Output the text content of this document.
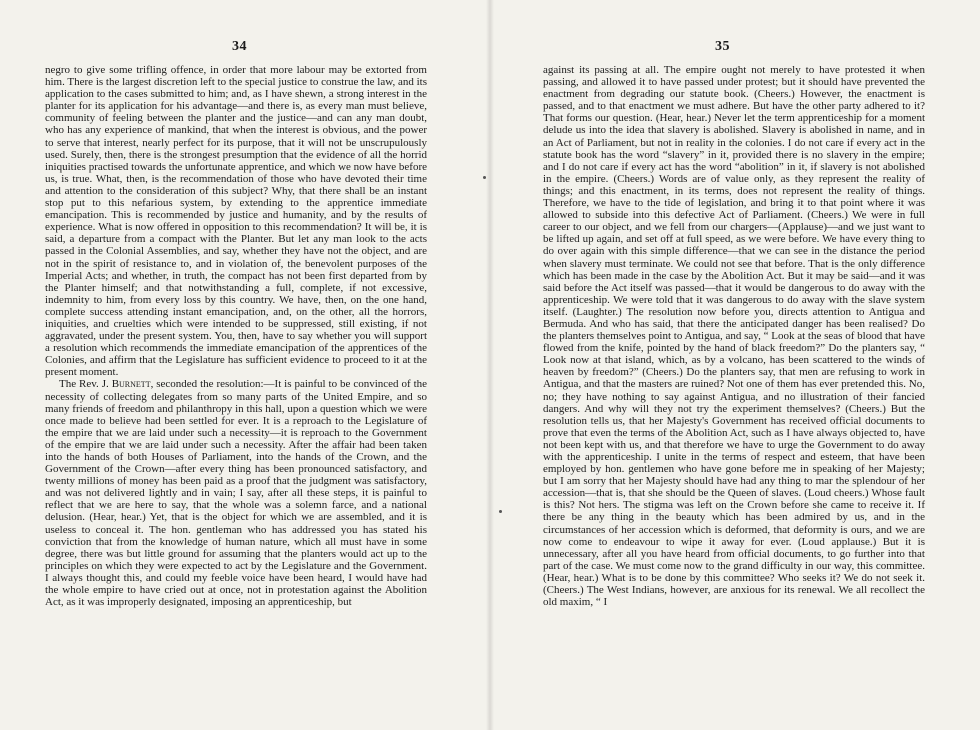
34

negro to give some trifling offence, in order that more labour may be extorted from him. There is the largest discretion left to the special justice to construe the law, and its application to the cases submitted to him; and, as I have shewn, a strong interest in the planter for its application for his advantage—and there is, as every man must believe, community of feeling between the planter and the justice—and can any man doubt, who has any experience of mankind, that when the interest is obvious, and the power to serve that interest, nearly perfect for its purpose, that it will not be unscrupulously used. Surely, then, there is the strongest presumption that the evidence of all the horrid iniquities practised towards the unfortunate apprentice, and which we now have before us, is true. What, then, is the recommendation of those who have devoted their time and attention to the consideration of this subject? Why, that there shall be an instant stop put to this nefarious system, by extending to the apprentice immediate emancipation. This is recommended by justice and humanity, and by the results of experience. What is now offered in opposition to this recommendation? It will be, it is said, a departure from a compact with the Planter. But let any man look to the acts passed in the Colonial Assemblies, and say, whether they have not the object, and are not in the spirit of resistance to, and in violation of, the benevolent purposes of the Imperial Acts; and whether, in truth, the compact has not been first departed from by the Planter himself; and that notwithstanding a full, complete, if not excessive, indemnity to him, from every loss by this country. We have, then, on the one hand, complete success attending instant emancipation, and, on the other, all the horrors, iniquities, and cruelties which were intended to be suppressed, still existing, if not aggravated, under the present system. You, then, have to say whether you will support a resolution which recommends the immediate emancipation of the apprentices of the Colonies, and affirm that the Legislature has sufficient evidence to proceed to it at the present moment.

The Rev. J. Burnett, seconded the resolution:—It is painful to be convinced of the necessity of collecting delegates from so many parts of the United Empire, and so many friends of freedom and philanthropy in this hall, upon a question which we were once made to believe had been settled for ever. It is a reproach to the Legislature of the empire that we are laid under such a necessity—it is reproach to the Government of the empire that we are laid under such a necessity. After the affair had been taken into the hands of both Houses of Parliament, into the hands of the Crown, and the Government of the Crown—after every thing has been pronounced satisfactory, and twenty millions of money has been paid as a proof that the judgment was satisfactory, and was not delivered lightly and in vain; I say, after all these steps, it is painful to reflect that we are here to say, that the whole was a solemn farce, and a national delusion. (Hear, hear.) Yet, that is the object for which we are assembled, and it is useless to conceal it. The hon. gentleman who has addressed you has stated his conviction that from the knowledge of human nature, which all must have in some degree, there was but little ground for assuming that the planters would act up to the principles on which they were expected to act by the Legislature and the Government. I always thought this, and could my feeble voice have been heard, I would have had the whole empire to have cried out at once, not in protestation against the Abolition Act, as it was improperly designated, imposing an apprenticeship, but

35

against its passing at all. The empire ought not merely to have protested it when passing, and allowed it to have passed under protest; but it should have prevented the enactment from degrading our statute book. (Cheers.) However, the enactment is passed, and to that enactment we must adhere. But have the other party adhered to it? That forms our question. (Hear, hear.) Never let the term apprenticeship for a moment delude us into the idea that slavery is abolished. Slavery is abolished in name, and in an Act of Parliament, but not in reality in the colonies. I do not care if every act in the statute book has the word “slavery” in it, provided there is no slavery in the empire; and I do not care if every act has the word “abolition” in it, if slavery is not abolished in the empire. (Cheers.) Words are of value only, as they represent the reality of things; and this enactment, in its terms, does not represent the reality of things. Therefore, we have to the tide of legislation, and bring it to that point where it was allowed to subside into this defective Act of Parliament. (Cheers.) We were in full career to our object, and we fell from our chargers—(Applause)—and we just want to be lifted up again, and set off at full speed, as we were before. We have every thing to do over again with this simple difference—that we can see in the distance the period when slavery must terminate. We could not see that before. That is the only difference which has been made in the case by the Abolition Act. But it may be said—and it was said before the Act itself was passed—that it would be dangerous to do away with the apprenticeship. We were told that it was dangerous to do away with the slave system itself. (Laughter.) The resolution now before you, directs attention to Antigua and Bermuda. And who has said, that there the anticipated danger has been realised? Do the planters themselves point to Antigua, and say, “ Look at the seas of blood that have flowed from the knife, pointed by the hand of black freedom?” Do the planters say, “ Look now at that island, which, as by a volcano, has been scattered to the winds of heaven by freedom?” (Cheers.) Do the planters say, that men are refusing to work in Antigua, and that the masters are ruined? Not one of them has ever pretended this. No, no; they have nothing to say against Antigua, and no illustration of their fancied dangers. And why will they not try the experiment themselves? (Cheers.) But the resolution tells us, that her Majesty's Government has received official documents to prove that even the terms of the Abolition Act, such as I have always objected to, have not been kept with us, and that therefore we have to urge the Government to do away with the apprenticeship. I unite in the terms of respect and esteem, that have been employed by hon. gentlemen who have gone before me in speaking of her Majesty; but I am sorry that her Majesty should have had any thing to mar the splendour of her accession—that is, that she should be the Queen of slaves. (Loud cheers.) Whose fault is this? Not hers. The stigma was left on the Crown before she came to receive it. If there be any thing in the beauty which has been admired by us, and in the circumstances of her accession which is deformed, that deformity is ours, and we are now come to endeavour to wipe it away for ever. (Loud applause.) But it is unnecessary, after all you have heard from official documents, to go further into that part of the case. We must come now to the grand difficulty in our way, this committee. (Hear, hear.) What is to be done by this committee? Who seeks it? We do not seek it. (Cheers.) The West Indians, however, are anxious for its renewal. We all recollect the old maxim, “ I
